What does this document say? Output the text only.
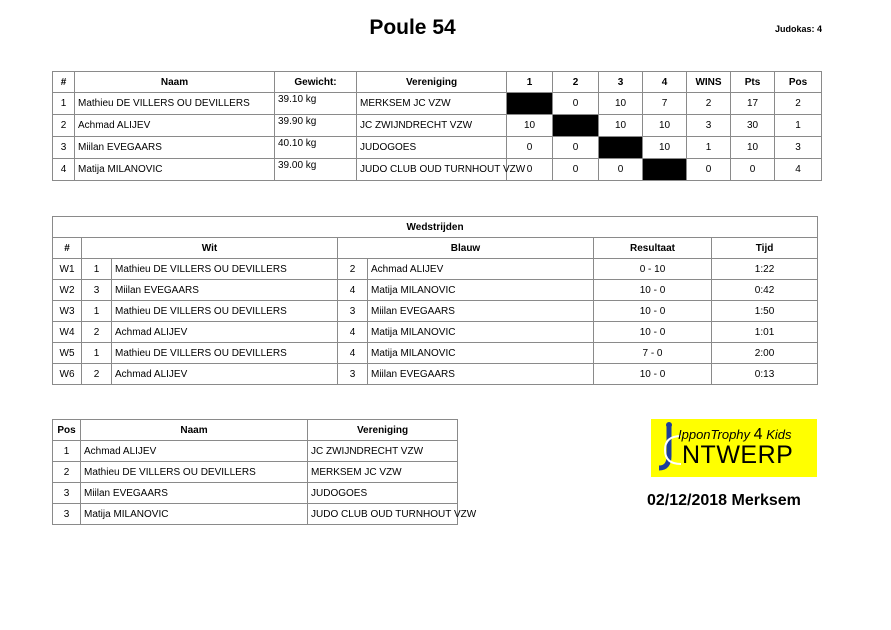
Poule 54	Judokas: 4
#	Naam	Gewicht:	Vereniging	1	2	3	4	WINS	Pts	Pos
1	Mathieu DE VILLERS OU DEVILLERS	39.10 kg	MERKSEM JC VZW		0	10	7	2	17	2
2	Achmad ALIJEV	39.90 kg	JC ZWIJNDRECHT VZW	10		10	10	3	30	1
3	Miilan EVEGAARS	40.10 kg	JUDOGOES	0	0		10	1	10	3
4	Matija MILANOVIC	39.00 kg	JUDO CLUB OUD TURNHOUT VZW	0	0	0		0	0	4
Wedstrijden						
#	Wit		Blauw		Resultaat	Tijd
W1	1	Mathieu DE VILLERS OU DEVILLERS	2	Achmad ALIJEV	0 - 10	1:22
W2	3	Miilan EVEGAARS	4	Matija MILANOVIC	10 - 0	0:42
W3	1	Mathieu DE VILLERS OU DEVILLERS	3	Miilan EVEGAARS	10 - 0	1:50
W4	2	Achmad ALIJEV	4	Matija MILANOVIC	10 - 0	1:01
W5	1	Mathieu DE VILLERS OU DEVILLERS	4	Matija MILANOVIC	7 - 0	2:00
W6	2	Achmad ALIJEV	3	Miilan EVEGAARS	10 - 0	0:13
Pos	Naam	Vereniging
1	Achmad ALIJEV	JC ZWIJNDRECHT VZW
2	Mathieu DE VILLERS OU DEVILLERS	MERKSEM JC VZW
3	Miilan EVEGAARS	JUDOGOES
3	Matija MILANOVIC	JUDO CLUB OUD TURNHOUT VZW
IpponTrophy 4 Kids
NTWERP
02/12/2018 Merksem
